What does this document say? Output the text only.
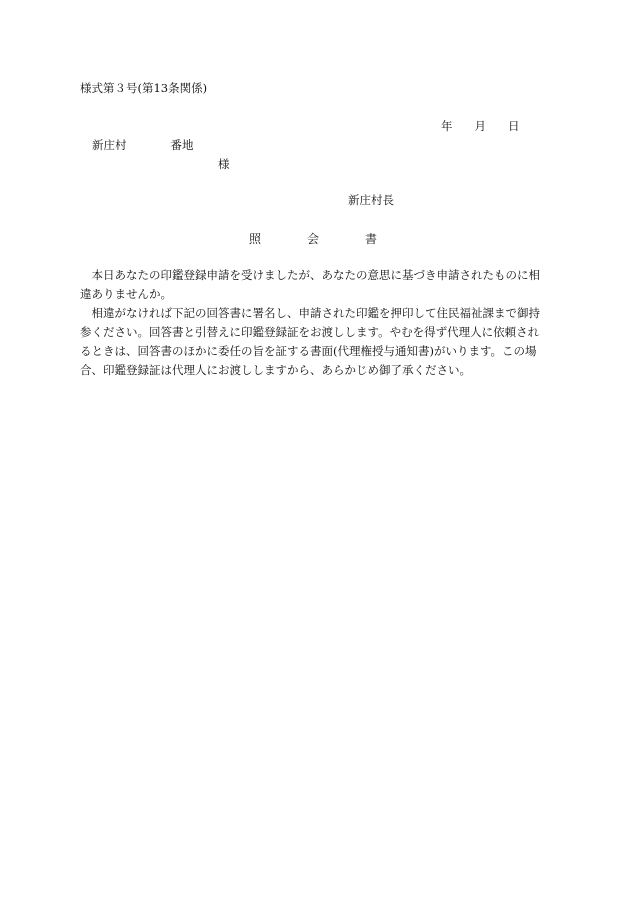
様式第３号(第13条関係)
年 月 日
新庄村	番地
様
新庄村長
照	会	書

本日あなたの印鑑登録申請を受けましたが、あなたの意思に基づき申請されたものに相違ありませんか。

相違がなければ下記の回答書に署名し、申請された印鑑を押印して住民福祉課まで御持参ください。回答書と引替えに印鑑登録証をお渡しします。やむを得ず代理人に依頼されるときは、回答書のほかに委任の旨を証する書面(代理権授与通知書)がいります。この場合、印鑑登録証は代理人にお渡ししますから、あらかじめ御了承ください。
